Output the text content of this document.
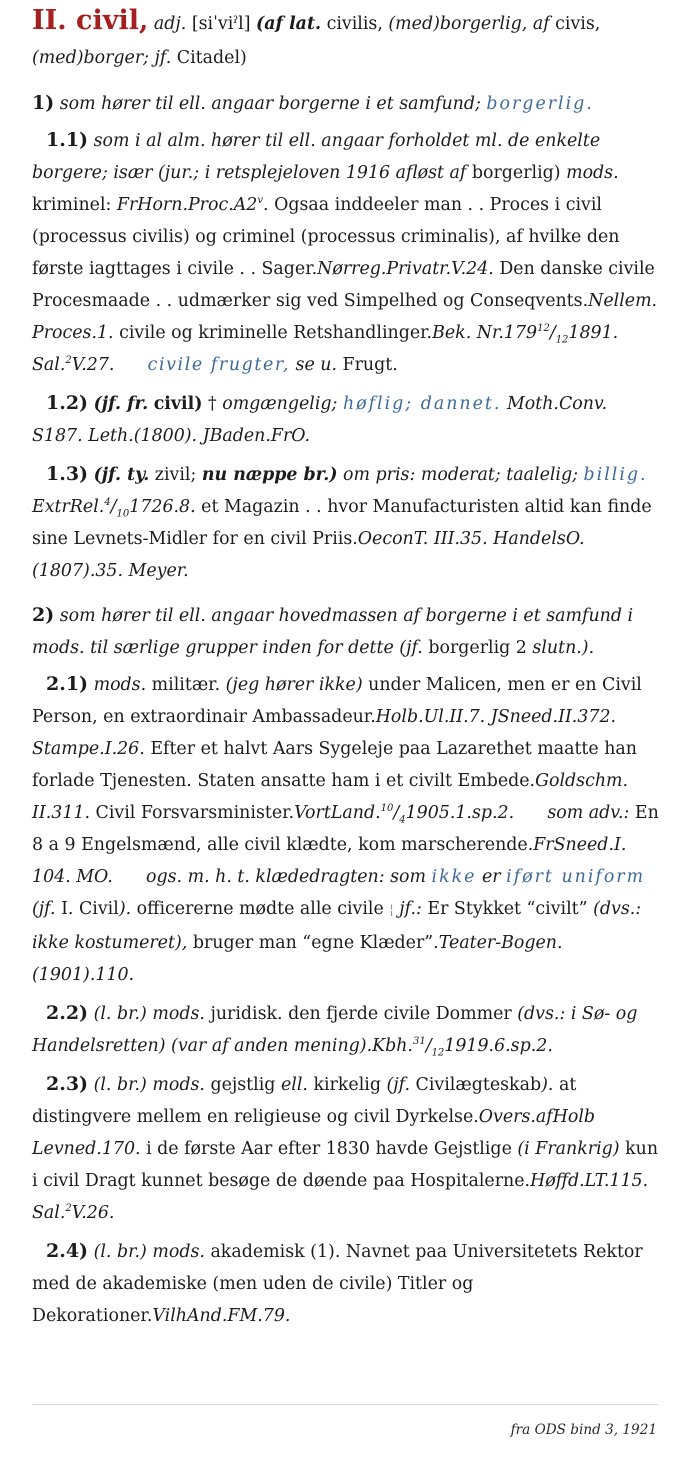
II. civil, adj. [siˈviˀl] (af lat. civilis, (med)borgerlig, af civis, (med)borger; jf. Citadel)

1) som hører til ell. angaar borgerne i et samfund; borgerlig.

1.1) som i al alm. hører til ell. angaar forholdet ml. de enkelte borgere; især (jur.; i retsplejeloven 1916 afløst af borgerlig) mods. kriminel: FrHorn.Proc.A2$^v$. Ogsaa inddeeler man . . Proces i civil (processus civilis) og criminel (processus criminalis), af hvilke den første iagttages i civile . . Sager.Nørreg.Privatr.V.24. Den danske civile Procesmaade . . udmærker sig ved Simpelhed og Conseqvents.Nellem. Proces.1. civile og kriminelle Retshandlinger.Bek. $Nr.179^{12}/_{12}1891$. Sal.$^2$V.27. civile frugter, se u. Frugt.

1.2) (jf. fr. civil) † omgængelig; høflig; dannet. Moth.Conv. S187. Leth.(1800). JBaden.FrO.

1.3) (jf. ty. zivil; nu næppe br.) om pris: moderat; taalelig; billig. $ExtrRel.^4/_{10}1726.8$. et Magazin . . hvor Manufacturisten altid kan finde sine Levnets-Midler for en civil Priis.OeconT. III.35. HandelsO. (1807).35. Meyer.

2) som hører til ell. angaar hovedmassen af borgerne i et samfund i mods. til særlige grupper inden for dette (jf. borgerlig 2 slutn.).

2.1) mods. militær. (jeg hører ikke) under Malicen, men er en Civil Person, en extraordinair Ambassadeur.Holb.Ul.II.7. JSneed.II.372. Stampe.I.26. Efter et halvt Aars Sygeleje paa Lazarethet maatte han forlade Tjenesten. Staten ansatte ham i et civilt Embede.Goldschm. II.311. Civil $Forsvarsminister.VortLand.^{10}/_41905.1.sp.2$. som adv.: En 8 a 9 Engelsmænd, alle civil klædte, kom marscherende.FrSneed.I. 104. MO. ogs. m. h. t. klædedragten: som ikke er iført uniform (jf. I. Civil). officererne mødte alle civile ¦ jf.: Er Stykket “civilt” (dvs.: ikke kostumeret), bruger man “egne Klæder”.Teater-Bogen.(1901).110.

2.2) (l. br.) mods. juridisk. den fjerde civile Dommer (dvs.: i Sø- og Handelsretten) (var af anden $mening).Kbh.^{31}/_{12}1919.6.sp.2$.

2.3) (l. br.) mods. gejstlig ell. kirkelig (jf. Civilægteskab). at distingvere mellem en religieuse og civil Dyrkelse.Overs.afHolb Levned.170. i de første Aar efter 1830 havde Gejstlige (i Frankrig) kun i civil Dragt kunnet besøge de døende paa Hospitalerne.Høffd.LT.115. Sal.$^2$V.26.

2.4) (l. br.) mods. akademisk (1). Navnet paa Universitetets Rektor med de akademiske (men uden de civile) Titler og Dekorationer.VilhAnd.FM.79.

fra ODS bind 3, 1921
